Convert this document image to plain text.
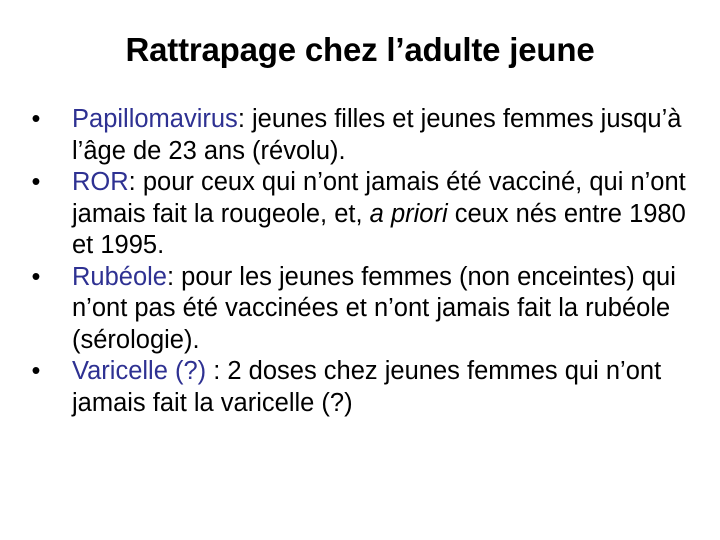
Rattrapage chez l’adulte jeune
• Papillomavirus: jeunes filles et jeunes femmes jusqu’à l’âge de 23 ans (révolu).
• ROR: pour ceux qui n’ont jamais été vacciné, qui n’ont jamais fait la rougeole, et, a priori ceux nés entre 1980 et 1995.
• Rubéole: pour les jeunes femmes (non enceintes) qui n’ont pas été vaccinées et n’ont jamais fait la rubéole (sérologie).
• Varicelle (?) : 2 doses chez jeunes femmes qui n’ont jamais fait la varicelle (?)
